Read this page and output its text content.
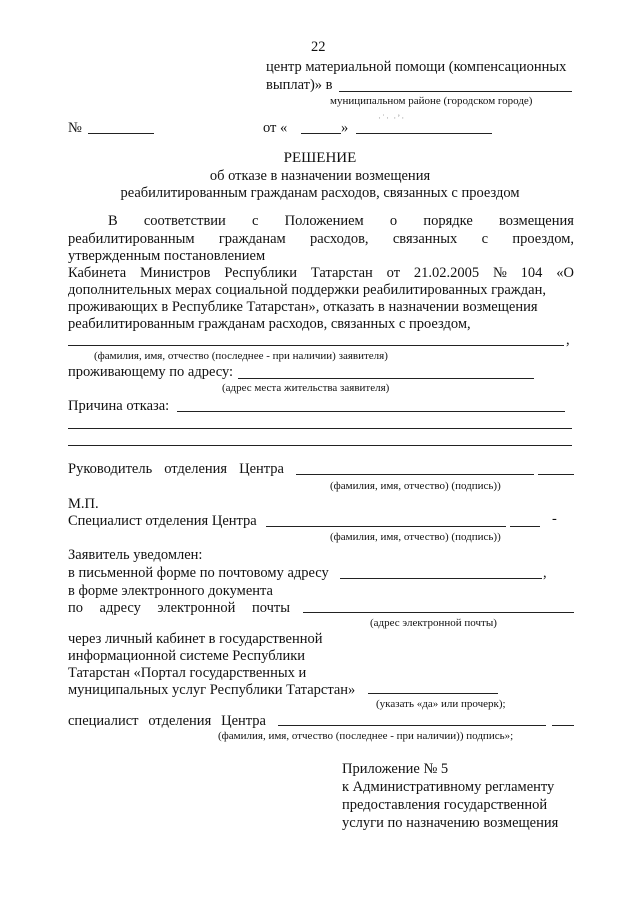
22
центр материальной помощи (компенсационных
выплат)» в
муниципальном районе (городском городе)
·˙· ·’·
№	от «	»
РЕШЕНИЕ
об отказе в назначении возмещения
реабилитированным гражданам расходов, связанных с проездом
В соответствии с Положением о порядке возмещения
реабилитированным гражданам расходов, связанных с проездом,
утвержденным постановлением
Кабинета Министров Республики Татарстан от 21.02.2005 № 104 «О
дополнительных мерах социальной поддержки реабилитированных граждан,
проживающих в Республике Татарстан», отказать в назначении возмещения
реабилитированным гражданам расходов, связанных с проездом,
,
(фамилия, имя, отчество (последнее - при наличии) заявителя)
проживающему по адресу:
(адрес места жительства заявителя)
Причина отказа:
Руководитель отделения Центра
(фамилия, имя, отчество) (подпись))
М.П.
Специалист отделения Центра	-
(фамилия, имя, отчество) (подпись))
Заявитель уведомлен:
в письменной форме по почтовому адресу	,
в форме электронного документа
по адресу электронной почты
(адрес электронной почты)
через личный кабинет в государственной
информационной системе Республики
Татарстан «Портал государственных и
муниципальных услуг Республики Татарстан»
(указать «да» или прочерк);
специалист отделения Центра
(фамилия, имя, отчество (последнее - при наличии)) подпись»;
Приложение № 5
к Административному регламенту
предоставления государственной
услуги по назначению возмещения
